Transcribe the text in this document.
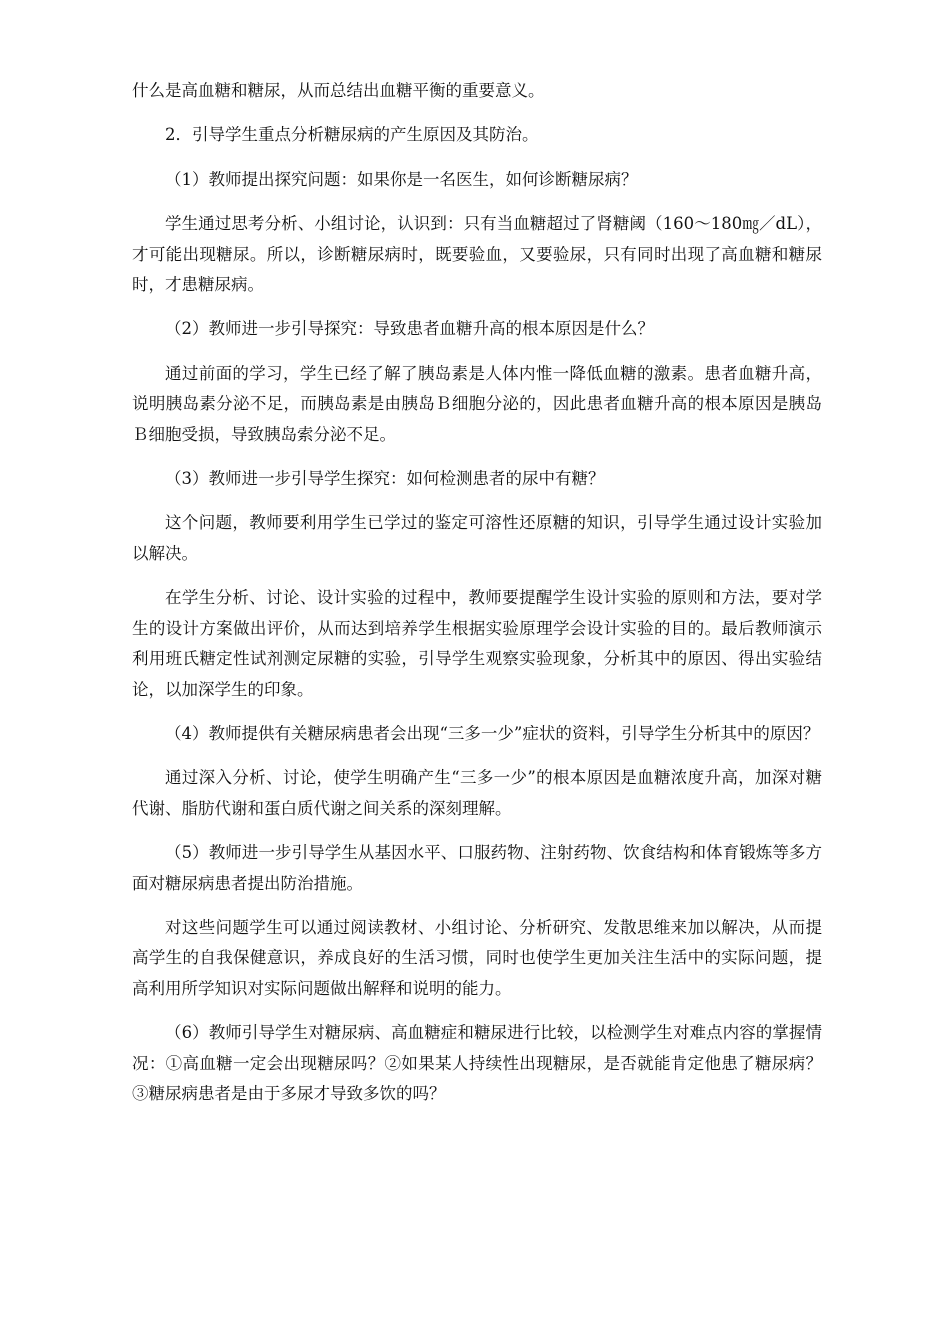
什么是高血糖和糖尿，从而总结出血糖平衡的重要意义。

2．引导学生重点分析糖尿病的产生原因及其防治。

（1）教师提出探究问题：如果你是一名医生，如何诊断糖尿病？

学生通过思考分析、小组讨论，认识到：只有当血糖超过了肾糖阈（160～180㎎／dL），才可能出现糖尿。所以，诊断糖尿病时，既要验血，又要验尿，只有同时出现了高血糖和糖尿时，才患糖尿病。

（2）教师进一步引导探究：导致患者血糖升高的根本原因是什么？

通过前面的学习，学生已经了解了胰岛素是人体内惟一降低血糖的激素。患者血糖升高，说明胰岛素分泌不足，而胰岛素是由胰岛Ｂ细胞分泌的，因此患者血糖升高的根本原因是胰岛Ｂ细胞受损，导致胰岛索分泌不足。

（3）教师进一步引导学生探究：如何检测患者的尿中有糖？

这个问题，教师要利用学生已学过的鉴定可溶性还原糖的知识，引导学生通过设计实验加以解决。

在学生分析、讨论、设计实验的过程中，教师要提醒学生设计实验的原则和方法，要对学生的设计方案做出评价，从而达到培养学生根据实验原理学会设计实验的目的。最后教师演示利用班氏糖定性试剂测定尿糖的实验，引导学生观察实验现象，分析其中的原因、得出实验结论，以加深学生的印象。

（4）教师提供有关糖尿病患者会出现“三多一少”症状的资料，引导学生分析其中的原因？

通过深入分析、讨论，使学生明确产生“三多一少”的根本原因是血糖浓度升高，加深对糖代谢、脂肪代谢和蛋白质代谢之间关系的深刻理解。

（5）教师进一步引导学生从基因水平、口服药物、注射药物、饮食结构和体育锻炼等多方面对糖尿病患者提出防治措施。

对这些问题学生可以通过阅读教材、小组讨论、分析研究、发散思维来加以解决，从而提高学生的自我保健意识，养成良好的生活习惯，同时也使学生更加关注生活中的实际问题，提高利用所学知识对实际问题做出解释和说明的能力。

（6）教师引导学生对糖尿病、高血糖症和糖尿进行比较，以检测学生对难点内容的掌握情况：①高血糖一定会出现糖尿吗？②如果某人持续性出现糖尿，是否就能肯定他患了糖尿病？③糖尿病患者是由于多尿才导致多饮的吗？
